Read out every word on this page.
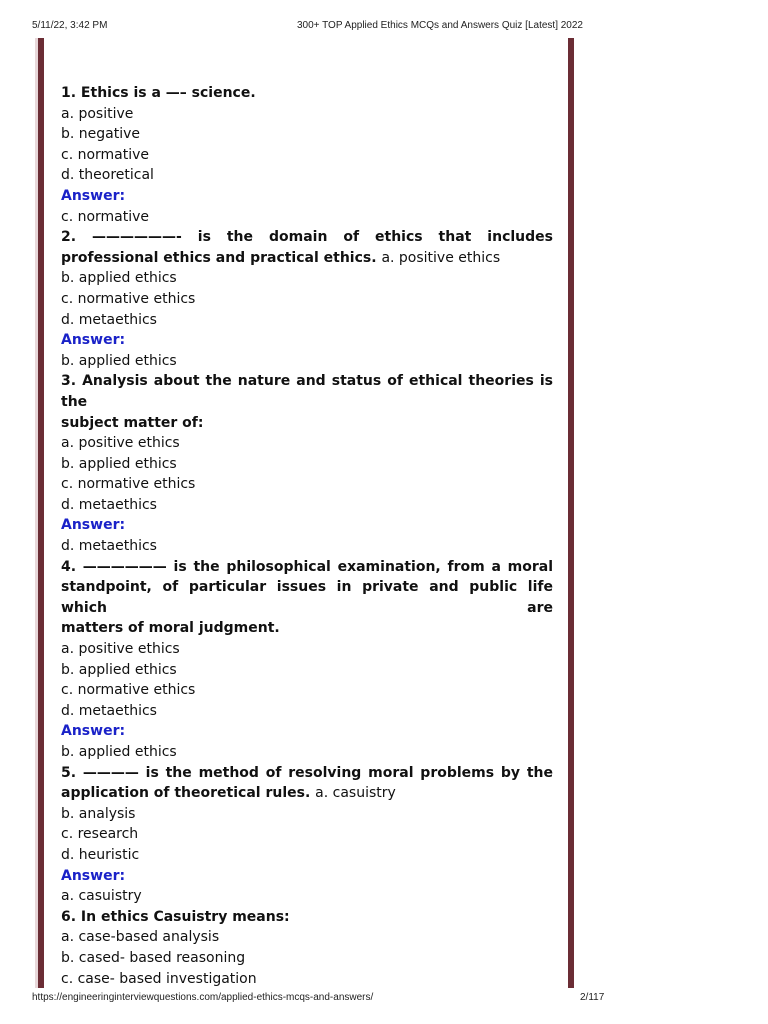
5/11/22, 3:42 PM	300+ TOP Applied Ethics MCQs and Answers Quiz [Latest] 2022
1. Ethics is a —– science.
a. positive
b. negative
c. normative
d. theoretical
Answer:
c. normative
2. ——————- is the domain of ethics that includes
professional ethics and practical ethics. a. positive ethics
b. applied ethics
c. normative ethics
d. metaethics
Answer:
b. applied ethics
3. Analysis about the nature and status of ethical theories is the
subject matter of:
a. positive ethics
b. applied ethics
c. normative ethics
d. metaethics
Answer:
d. metaethics
4. —————— is the philosophical examination, from a moral
standpoint, of particular issues in private and public life which are
matters of moral judgment.
a. positive ethics
b. applied ethics
c. normative ethics
d. metaethics
Answer:
b. applied ethics
5. ———— is the method of resolving moral problems by the
application of theoretical rules. a. casuistry
b. analysis
c. research
d. heuristic
Answer:
a. casuistry
6. In ethics Casuistry means:
a. case-based analysis
b. cased- based reasoning
c. case- based investigation
https://engineeringinterviewquestions.com/applied-ethics-mcqs-and-answers/	2/117
